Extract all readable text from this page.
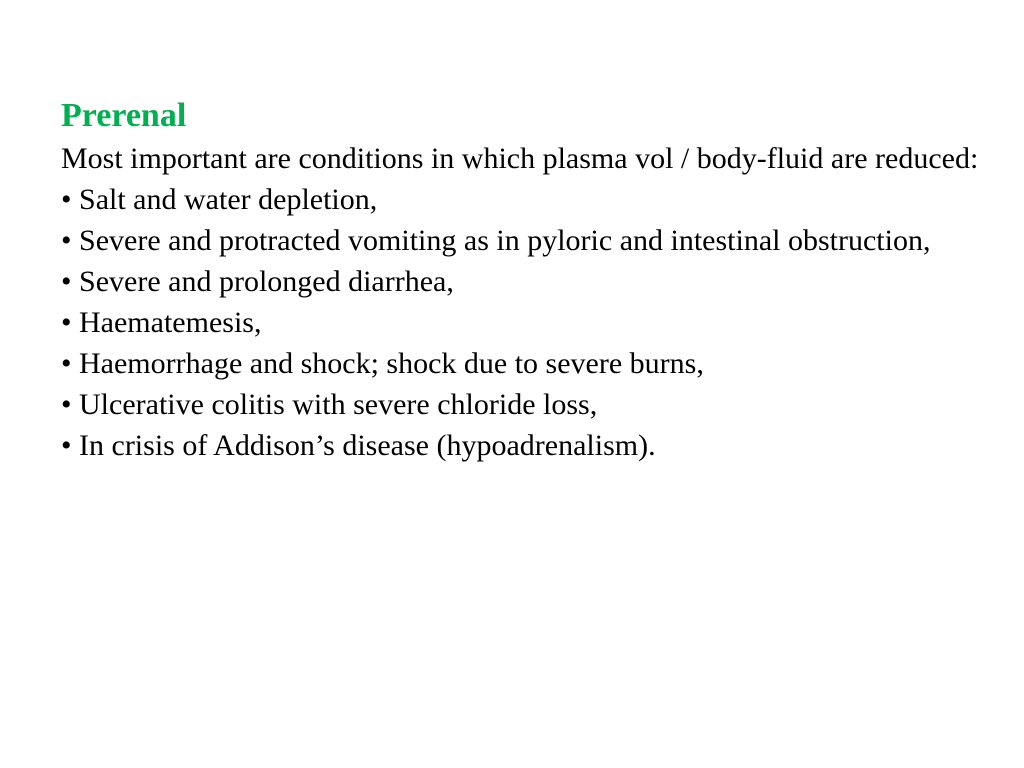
Prerenal

Most important are conditions in which plasma vol / body-fluid are reduced:

• Salt and water depletion,
• Severe and protracted vomiting as in pyloric and intestinal obstruction,
• Severe and prolonged diarrhea,
• Haematemesis,
• Haemorrhage and shock; shock due to severe burns,
• Ulcerative colitis with severe chloride loss,
• In crisis of Addison’s disease (hypoadrenalism).
